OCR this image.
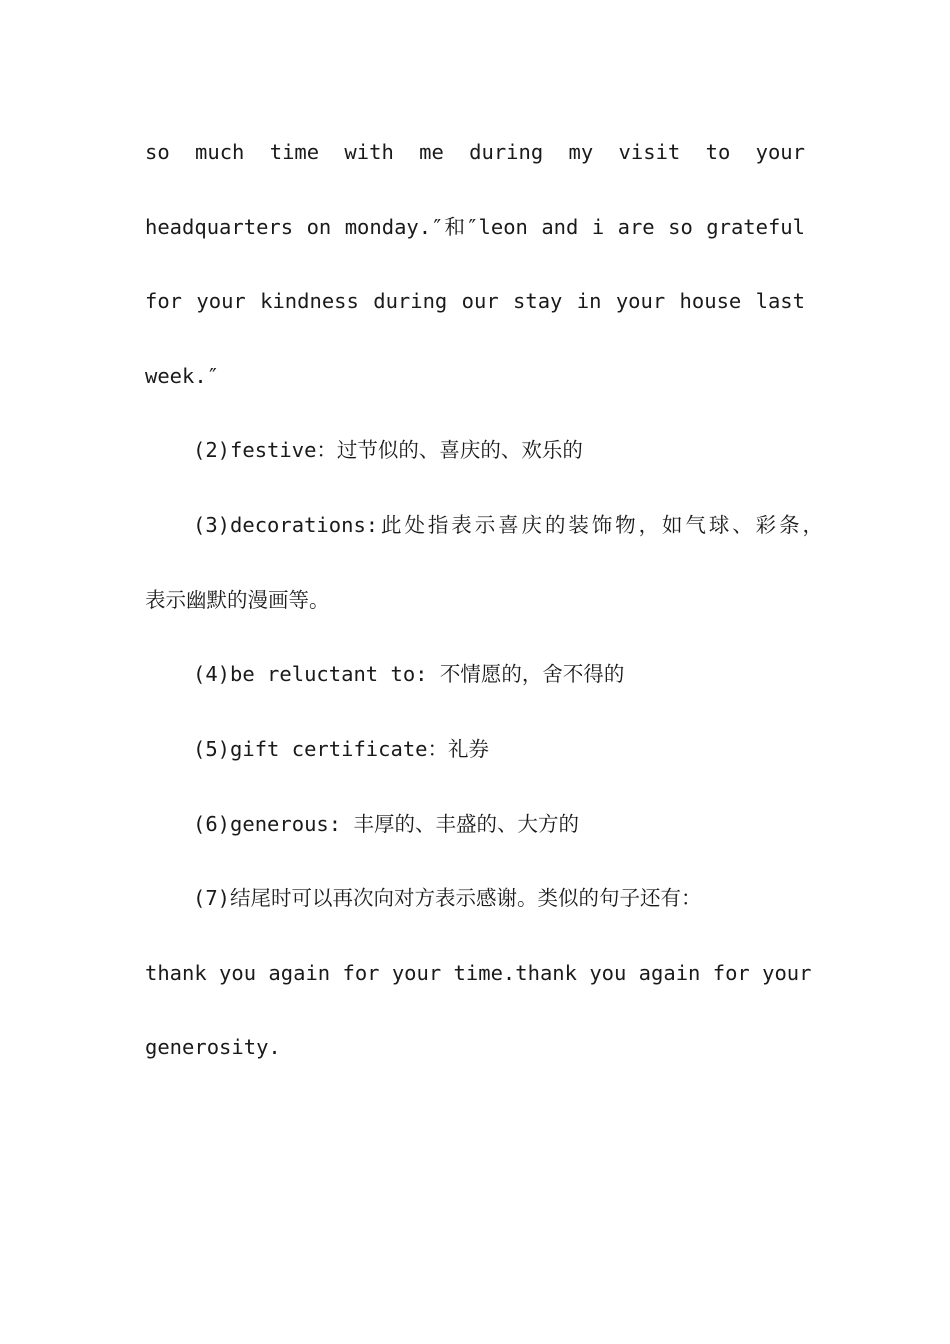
so much time with me during my visit to your
headquarters on monday.″和″leon and i are so grateful
for your kindness during our stay in your house last
week.″
(2)festive：过节似的、喜庆的、欢乐的
(3)decorations:此处指表示喜庆的装饰物，如气球、彩条，
表示幽默的漫画等。
(4)be reluctant to: 不情愿的，舍不得的
(5)gift certificate：礼券
(6)generous: 丰厚的、丰盛的、大方的
(7)结尾时可以再次向对方表示感谢。类似的句子还有：
thank you again for your time.thank you again for your
generosity.
